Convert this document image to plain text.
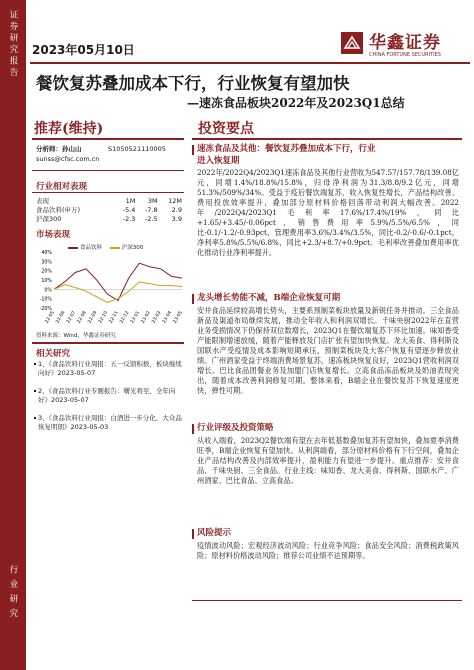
证券研究报告
行业研究
2023年05月10日	华鑫证券
CHINA FORTUNE SECURITIES
餐饮复苏叠加成本下行，行业恢复有望加快
—速冻食品板块2022年及2023Q1总结
推荐(维持)	投资要点
分析师：孙山山	S1050521110005
sunss@cfsc.com.cn
行业相对表现
表现	1M	3M	12M
食品饮料(申万)	-5.4	-7.8	2.9
沪深300	-2.3	-2.5	3.9
市场表现
40%
30%
20%
10%
0%
-10%
-20%
22-05 22-06 22-07 22-08 22-09 22-10 22-11 22-12 23-01 23-02 23-03 23-04 23-05
食品饮料	沪深300
资料来源：Wind，华鑫证券研究
相关研究
1、《食品饮料行业周报：五一反馈积极，板块继续向好》2023-05-07
2、《食品饮料行业专题报告：曙光将至，全年向好》2023-05-07
3、《食品饮料行业周报：白酒进一步分化，大众品恢复明朗》2023-05-03
速冻食品及其他：餐饮复苏叠加成本下行，行业
进入恢复期
2022年/2022Q4/2023Q1速冻食品及其他行业营收为547.57/157.78/139.08亿元，同增1.4%/18.8%/15.8%，归母净利润为31.3/8.8/9.2亿元，同增51.3%/509%/34%。受益于疫后餐饮端复苏，收入恢复性增长，产品结构改善、费用投放效率提升，叠加部分原材料价格回落带动利润大幅改善。2022年/2022Q4/2023Q1毛利率17.6%/17.4%/19%，同比+1.65/+3.45/-0.06pct，销售费用率5.9%/5.5%/6.5%，同比-0.1/-1.2/-0.93pct，管理费用率3.6%/3.4%/3.5%，同比-0.2/-0.6/-0.1pct，净利率5.8%/5.5%/6.8%，同比+2.3/+8.7/+0.9pct。毛利率改善叠加费用率优化推动行业净利率提升。
龙头增长势能不减，B端企业恢复可期
安井食品延续较高增长势头，主要系预制菜板块放量及新锐任务并推动。三全食品新品及渠道布局继续发展，推动全年收入和利润双增长。千味央厨2022年在直营业务受损情况下仍保持双位数增长，2023Q1在餐饮端复苏下环比加速。味知香受产能限制增速放缓，随着产能释放及门店扩张有望加快恢复。龙大美食、得利斯及国联水产受疫情及成本影响短期承压，预制菜板块及大客户恢复有望逐步释放业绩。广州酒家受益于终端消费场景复苏，速冻板块恢复良好，2023Q1营收利润双增长。巴比食品团餐业务及加盟门店恢复增长。立高食品冻品板块及奶油表现突出，随着成本改善利润修复可期。整体来看，B端企业在餐饮复苏下恢复速度更快，弹性可期。
行业评级及投资策略
从收入端看，2023Q2餐饮端有望在去年低基数叠加复苏有望加快，叠加夏季消费旺季，B端企业恢复有望加快。从利润端看，部分原材料价格有下行空间，叠加企业产品结构改善及内部效率提升，盈利能力有望进一步提升。重点推荐：安井食品、千味央厨、三全食品。行业主线：味知香、龙大美食、得利斯、国联水产、广州酒家、巴比食品、立高食品。
风险提示
疫情波动风险；宏观经济波动风险；行业竞争风险；食品安全风险；消费税政策风险；原材料价格波动风险；推荐公司业绩不达预期等。
